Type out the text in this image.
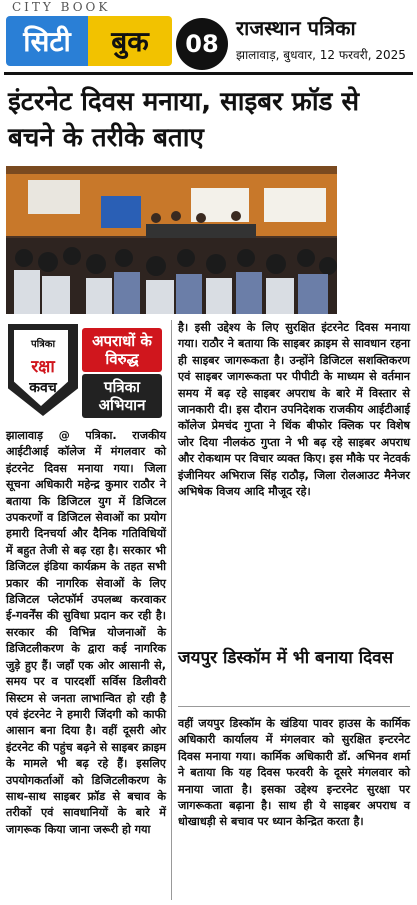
CITY BOOK
सिटी	बुक	08
राजस्थान पत्रिका
झालावाड़, बुधवार, 12 फरवरी, 2025
इंटरनेट दिवस मनाया, साइबर फ्रॉड से बचने के तरीके बताए
पत्रिका
रक्षा
कवच
अपराधों के विरुद्ध
पत्रिका अभियान
झालावाड़ @ पत्रिका. राजकीय आईटीआई कॉलेज में मंगलवार को इंटरनेट दिवस मनाया गया। जिला सूचना अधिकारी महेन्द्र कुमार राठौर ने बताया कि डिजिटल युग में डिजिटल उपकरणों व डिजिटल सेवाओं का प्रयोग हमारी दिनचर्या और दैनिक गतिविधियों में बहुत तेजी से बढ़ रहा है। सरकार भी डिजिटल इंडिया कार्यक्रम के तहत सभी प्रकार की नागरिक सेवाओं के लिए डिजिटल प्लेटफॉर्म उपलब्ध करवाकर ई-गवर्नेंस की सुविधा प्रदान कर रही है। सरकार की विभिन्न योजनाओं के डिजिटलीकरण के द्वारा कई नागरिक जुड़े हुए हैं। जहाँ एक ओर आसानी से, समय पर व पारदर्शी सर्विस डिलीवरी सिस्टम से जनता लाभान्वित हो रही है एवं इंटरनेट ने हमारी जिंदगी को काफी आसान बना दिया है। वहीं दूसरी ओर इंटरनेट की पहुंच बढ़ने से साइबर क्राइम के मामले भी बढ़ रहे हैं। इसलिए उपयोगकर्ताओं को डिजिटलीकरण के साथ-साथ साइबर फ्रॉड से बचाव के तरीकों एवं सावधानियों के बारे में जागरूक किया जाना जरूरी हो गया
है। इसी उद्देश्य के लिए सुरक्षित इंटरनेट दिवस मनाया गया। राठौर ने बताया कि साइबर क्राइम से सावधान रहना ही साइबर जागरूकता है। उन्होंने डिजिटल सशक्तिकरण एवं साइबर जागरूकता पर पीपीटी के माध्यम से वर्तमान समय में बढ़ रहे साइबर अपराध के बारे में विस्तार से जानकारी दी। इस दौरान उपनिदेशक राजकीय आईटीआई कॉलेज प्रेमचंद गुप्ता ने थिंक बीफोर क्लिक पर विशेष जोर दिया नीलकंठ गुप्ता ने भी बढ़ रहे साइबर अपराध और रोकथाम पर विचार व्यक्त किए। इस मौके पर नेटवर्क इंजीनियर अभिराज सिंह राठौड़, जिला रोलआउट मैनेजर अभिषेक विजय आदि मौजूद रहे।
जयपुर डिस्कॉम में भी बनाया दिवस
वहीं जयपुर डिस्कॉम के खंडिया पावर हाउस के कार्मिक अधिकारी कार्यालय में मंगलवार को सुरक्षित इन्टरनेट दिवस मनाया गया। कार्मिक अधिकारी डॉ. अभिनव शर्मा ने बताया कि यह दिवस फरवरी के दूसरे मंगलवार को मनाया जाता है। इसका उद्देश्य इन्टरनेट सुरक्षा पर जागरूकता बढ़ाना है। साथ ही ये साइबर अपराध व धोखाधड़ी से बचाव पर ध्यान केन्द्रित करता है।
